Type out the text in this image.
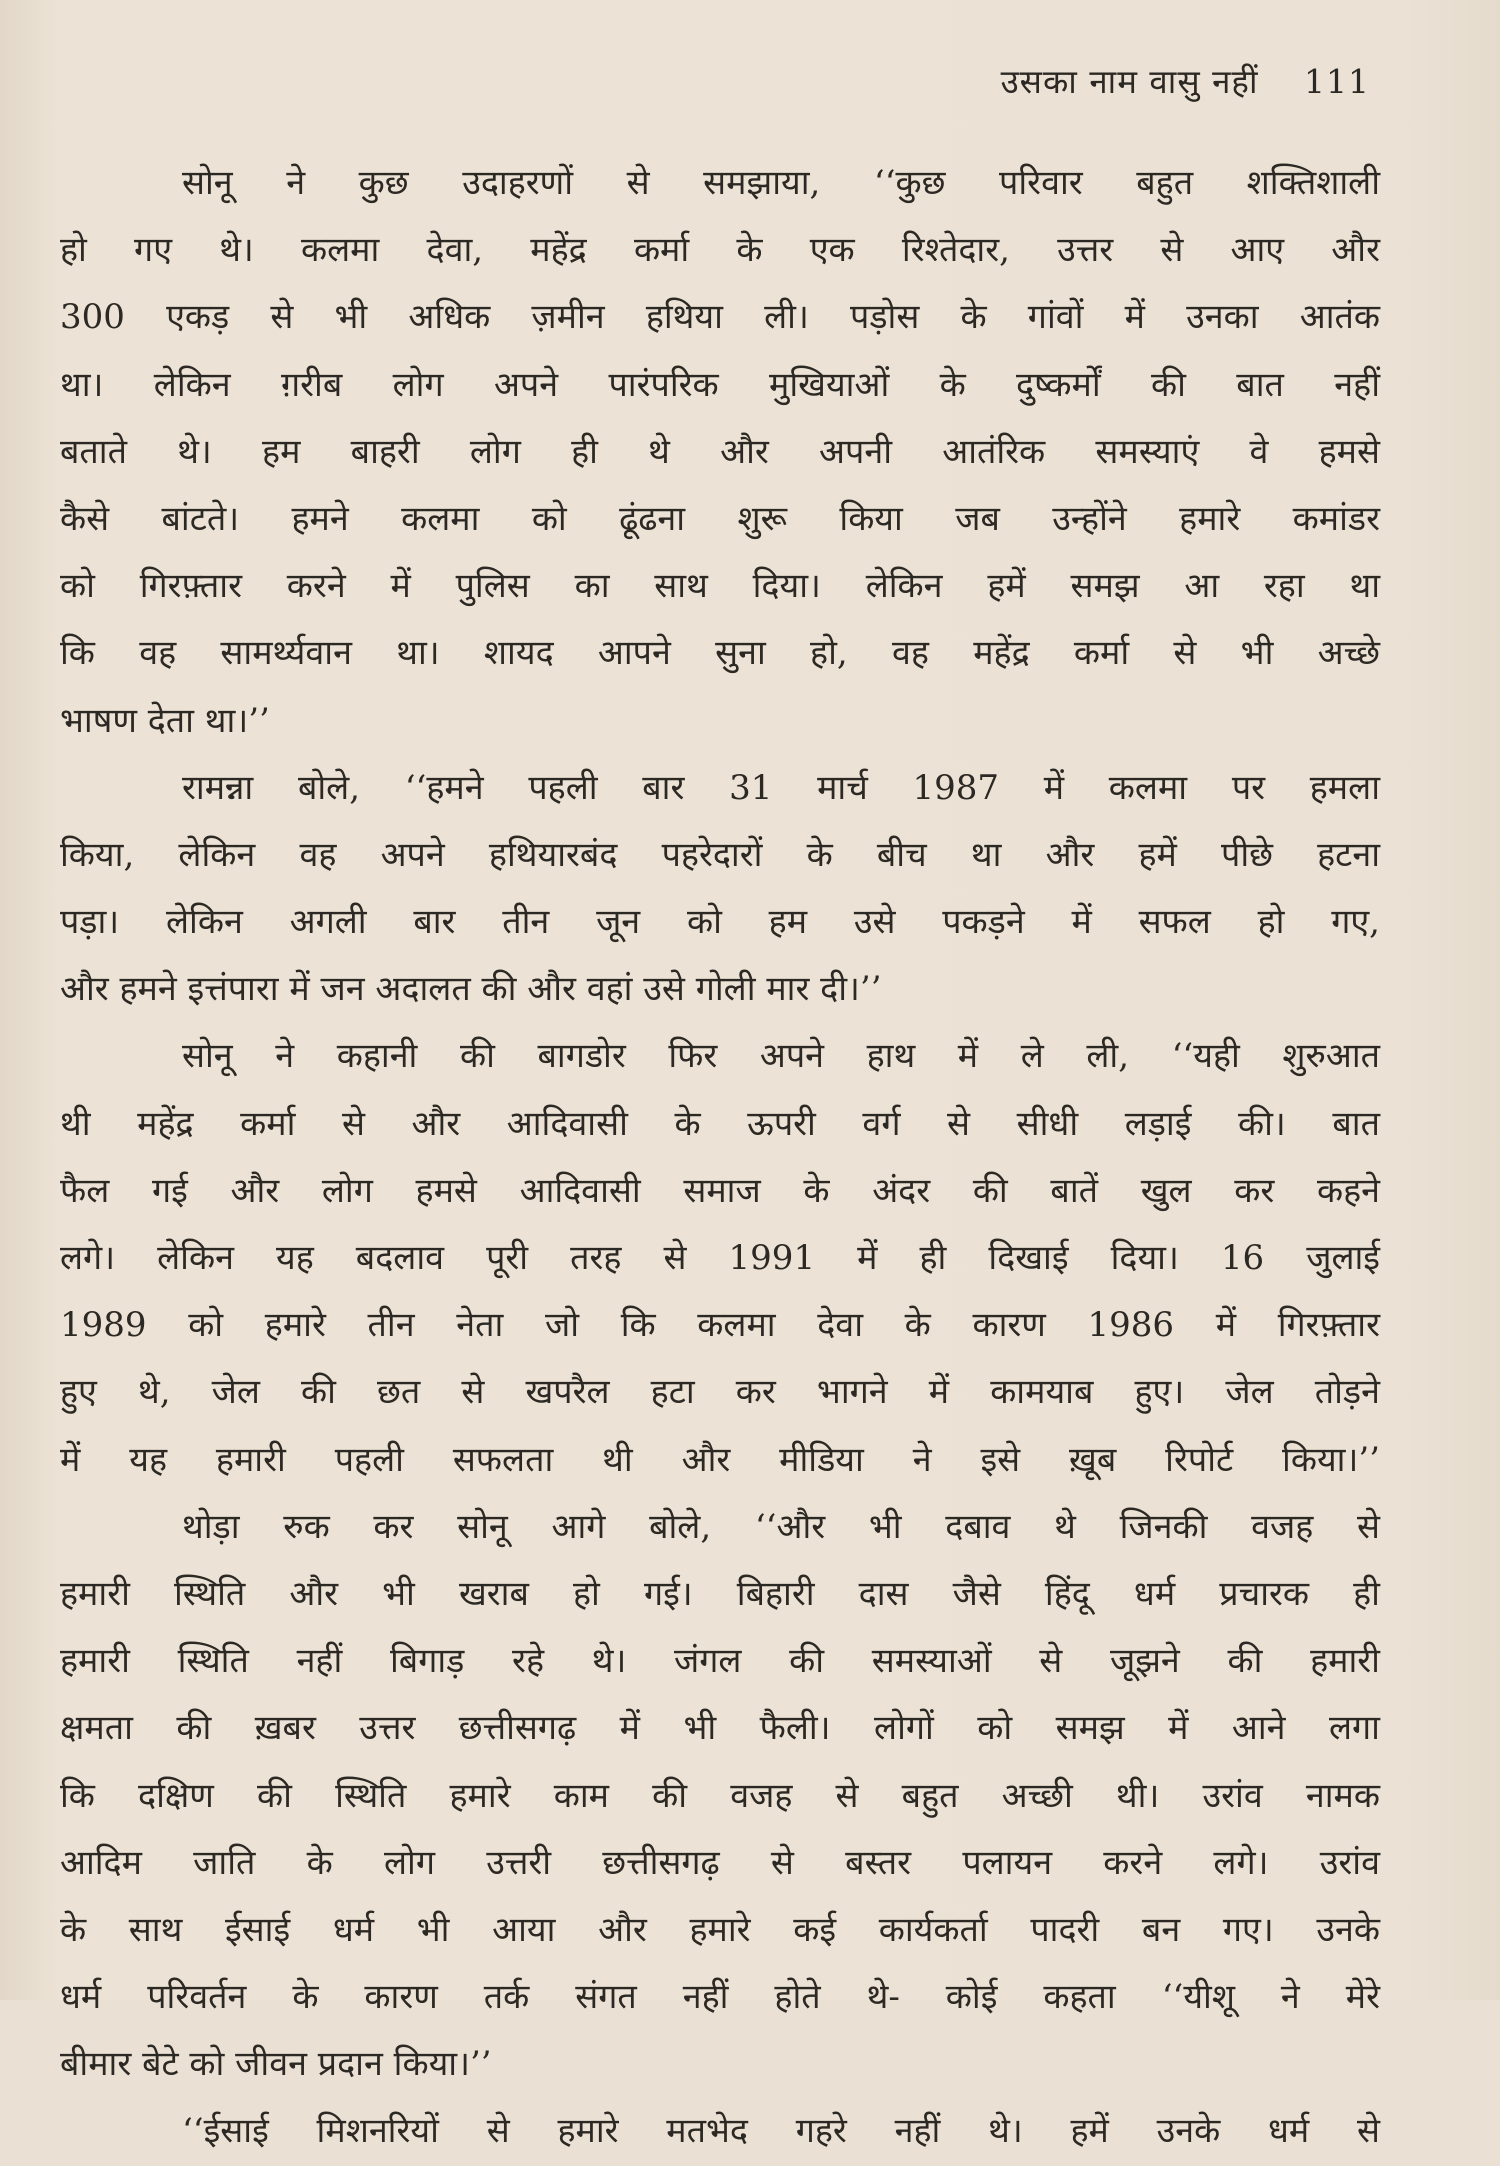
उसका नाम वासु नहीं 111
सोनू ने कुछ उदाहरणों से समझाया, ‘‘कुछ परिवार बहुत शक्तिशाली
हो गए थे। कलमा देवा, महेंद्र कर्मा के एक रिश्तेदार, उत्तर से आए और
300 एकड़ से भी अधिक ज़मीन हथिया ली। पड़ोस के गांवों में उनका आतंक
था। लेकिन ग़रीब लोग अपने पारंपरिक मुखियाओं के दुष्कर्मों की बात नहीं
बताते थे। हम बाहरी लोग ही थे और अपनी आतंरिक समस्याएं वे हमसे
कैसे बांटते। हमने कलमा को ढूंढना शुरू किया जब उन्होंने हमारे कमांडर
को गिरफ़्तार करने में पुलिस का साथ दिया। लेकिन हमें समझ आ रहा था
कि वह सामर्थ्यवान था। शायद आपने सुना हो, वह महेंद्र कर्मा से भी अच्छे
भाषण देता था।’’
रामन्ना बोले, ‘‘हमने पहली बार 31 मार्च 1987 में कलमा पर हमला
किया, लेकिन वह अपने हथियारबंद पहरेदारों के बीच था और हमें पीछे हटना
पड़ा। लेकिन अगली बार तीन जून को हम उसे पकड़ने में सफल हो गए,
और हमने इत्तंपारा में जन अदालत की और वहां उसे गोली मार दी।’’
सोनू ने कहानी की बागडोर फिर अपने हाथ में ले ली, ‘‘यही शुरुआत
थी महेंद्र कर्मा से और आदिवासी के ऊपरी वर्ग से सीधी लड़ाई की। बात
फैल गई और लोग हमसे आदिवासी समाज के अंदर की बातें खुल कर कहने
लगे। लेकिन यह बदलाव पूरी तरह से 1991 में ही दिखाई दिया। 16 जुलाई
1989 को हमारे तीन नेता जो कि कलमा देवा के कारण 1986 में गिरफ़्तार
हुए थे, जेल की छत से खपरैल हटा कर भागने में कामयाब हुए। जेल तोड़ने
में यह हमारी पहली सफलता थी और मीडिया ने इसे ख़ूब रिपोर्ट किया।’’
थोड़ा रुक कर सोनू आगे बोले, ‘‘और भी दबाव थे जिनकी वजह से
हमारी स्थिति और भी खराब हो गई। बिहारी दास जैसे हिंदू धर्म प्रचारक ही
हमारी स्थिति नहीं बिगाड़ रहे थे। जंगल की समस्याओं से जूझने की हमारी
क्षमता की ख़बर उत्तर छत्तीसगढ़ में भी फैली। लोगों को समझ में आने लगा
कि दक्षिण की स्थिति हमारे काम की वजह से बहुत अच्छी थी। उरांव नामक
आदिम जाति के लोग उत्तरी छत्तीसगढ़ से बस्तर पलायन करने लगे। उरांव
के साथ ईसाई धर्म भी आया और हमारे कई कार्यकर्ता पादरी बन गए। उनके
धर्म परिवर्तन के कारण तर्क संगत नहीं होते थे- कोई कहता ‘‘यीशू ने मेरे
बीमार बेटे को जीवन प्रदान किया।’’
‘‘ईसाई मिशनरियों से हमारे मतभेद गहरे नहीं थे। हमें उनके धर्म से
